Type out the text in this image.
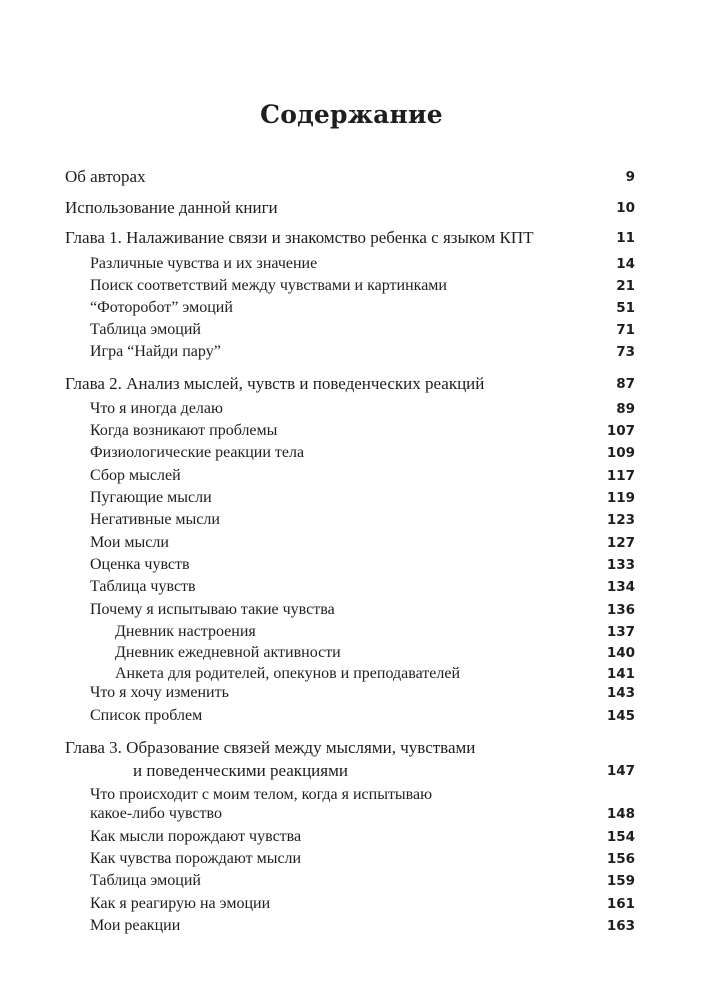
Содержание
Об авторах	9
Использование данной книги	10
Глава 1. Налаживание связи и знакомство ребенка с языком КПТ	11
Различные чувства и их значение	14
Поиск соответствий между чувствами и картинками	21
“Фоторобот” эмоций	51
Таблица эмоций	71
Игра “Найди пару”	73
Глава 2. Анализ мыслей, чувств и поведенческих реакций	87
Что я иногда делаю	89
Когда возникают проблемы	107
Физиологические реакции тела	109
Сбор мыслей	117
Пугающие мысли	119
Негативные мысли	123
Мои мысли	127
Оценка чувств	133
Таблица чувств	134
Почему я испытываю такие чувства	136
Дневник настроения	137
Дневник ежедневной активности	140
Анкета для родителей, опекунов и преподавателей	141
Что я хочу изменить	143
Список проблем	145
Глава 3. Образование связей между мыслями, чувствами
и поведенческими реакциями	147
Что происходит с моим телом, когда я испытываю
какое-либо чувство	148
Как мысли порождают чувства	154
Как чувства порождают мысли	156
Таблица эмоций	159
Как я реагирую на эмоции	161
Мои реакции	163
